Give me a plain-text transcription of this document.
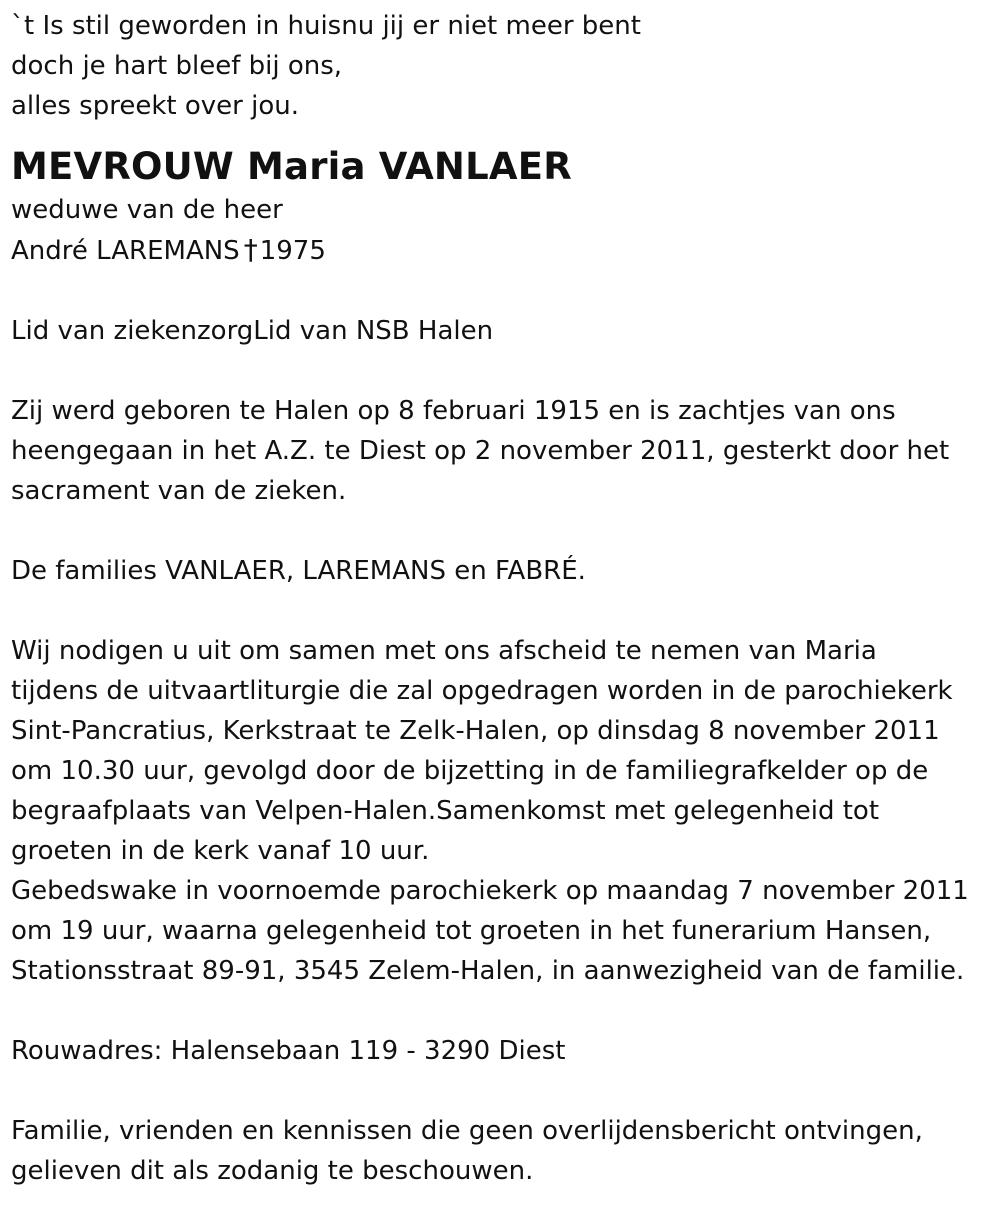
`t Is stil geworden in huisnu jij er niet meer bent

doch je hart bleef bij ons,

alles spreekt over jou.

MEVROUW Maria VANLAER

weduwe van de heer

André LAREMANS †1975

Lid van ziekenzorgLid van NSB Halen

Zij werd geboren te Halen op 8 februari 1915 en is zachtjes van ons

heengegaan in het A.Z. te Diest op 2 november 2011, gesterkt door het

sacrament van de zieken.

De families VANLAER, LAREMANS en FABRÉ.

Wij nodigen u uit om samen met ons afscheid te nemen van Maria

tijdens de uitvaartliturgie die zal opgedragen worden in de parochiekerk

Sint-Pancratius, Kerkstraat te Zelk-Halen, op dinsdag 8 november 2011

om 10.30 uur, gevolgd door de bijzetting in de familiegrafkelder op de

begraafplaats van Velpen-Halen.Samenkomst met gelegenheid tot

groeten in de kerk vanaf 10 uur.

Gebedswake in voornoemde parochiekerk op maandag 7 november 2011

om 19 uur, waarna gelegenheid tot groeten in het funerarium Hansen,

Stationsstraat 89-91, 3545 Zelem-Halen, in aanwezigheid van de familie.

Rouwadres: Halensebaan 119 - 3290 Diest

Familie, vrienden en kennissen die geen overlijdensbericht ontvingen,

gelieven dit als zodanig te beschouwen.
